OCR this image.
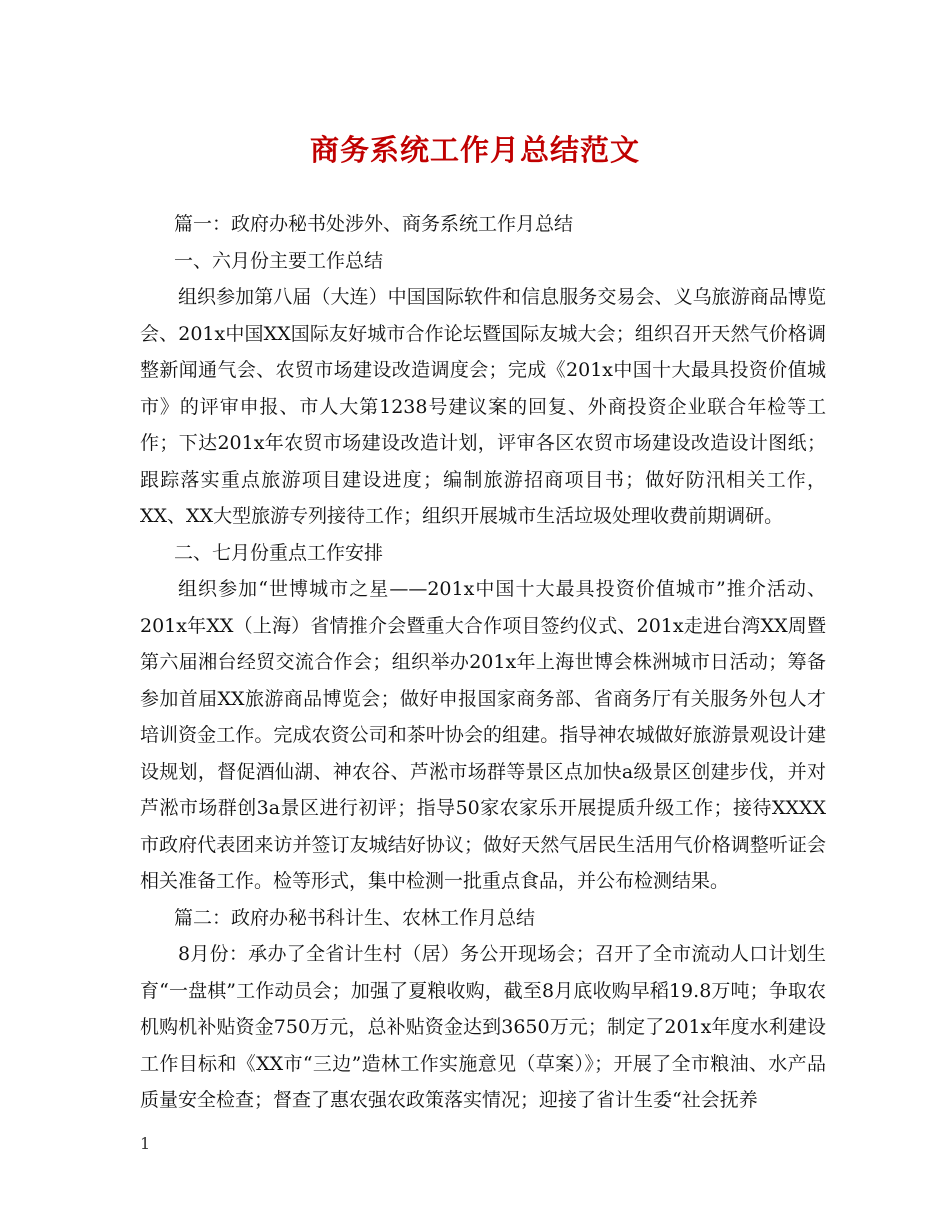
商务系统工作月总结范文

篇一：政府办秘书处涉外、商务系统工作月总结

一、六月份主要工作总结

组织参加第八届（大连）中国国际软件和信息服务交易会、义乌旅游商品博览会、201x中国XX国际友好城市合作论坛暨国际友城大会；组织召开天然气价格调整新闻通气会、农贸市场建设改造调度会；完成《201x中国十大最具投资价值城市》的评审申报、市人大第1238号建议案的回复、外商投资企业联合年检等工作；下达201x年农贸市场建设改造计划，评审各区农贸市场建设改造设计图纸；跟踪落实重点旅游项目建设进度；编制旅游招商项目书；做好防汛相关工作，XX、XX大型旅游专列接待工作；组织开展城市生活垃圾处理收费前期调研。

二、七月份重点工作安排

组织参加“世博城市之星——201x中国十大最具投资价值城市”推介活动、201x年XX（上海）省情推介会暨重大合作项目签约仪式、201x走进台湾XX周暨第六届湘台经贸交流合作会；组织举办201x年上海世博会株洲城市日活动；筹备参加首届XX旅游商品博览会；做好申报国家商务部、省商务厅有关服务外包人才培训资金工作。完成农资公司和茶叶协会的组建。指导神农城做好旅游景观设计建设规划，督促酒仙湖、神农谷、芦淞市场群等景区点加快a级景区创建步伐，并对芦淞市场群创3a景区进行初评；指导50家农家乐开展提质升级工作；接待XXXX市政府代表团来访并签订友城结好协议；做好天然气居民生活用气价格调整听证会相关准备工作。检等形式，集中检测一批重点食品，并公布检测结果。

篇二：政府办秘书科计生、农林工作月总结

8月份：承办了全省计生村（居）务公开现场会；召开了全市流动人口计划生育“一盘棋”工作动员会；加强了夏粮收购，截至8月底收购早稻19.8万吨；争取农机购机补贴资金750万元，总补贴资金达到3650万元；制定了201x年度水利建设工作目标和《XX市“三边”造林工作实施意见（草案）》；开展了全市粮油、水产品质量安全检查；督查了惠农强农政策落实情况；迎接了省计生委“社会抚养

1
